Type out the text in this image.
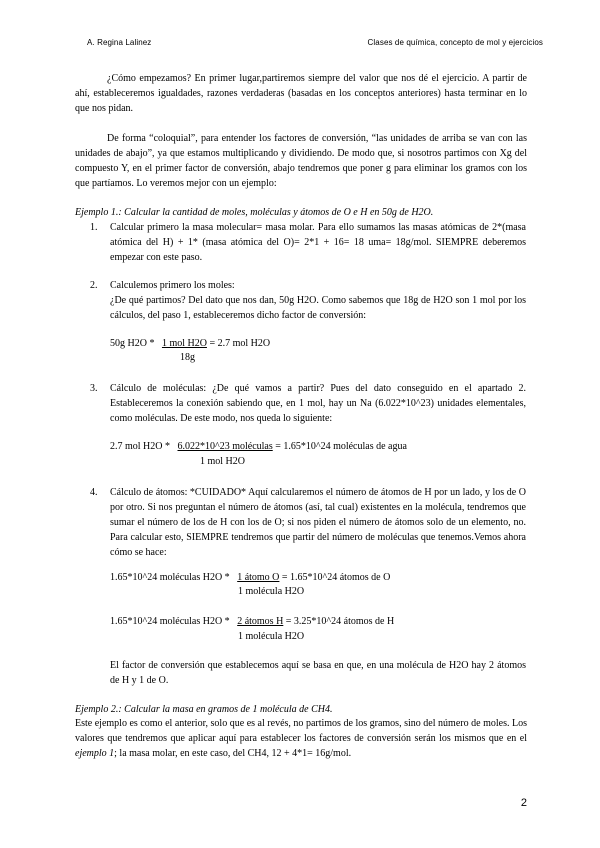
A. Regina Lalinez	Clases de química, concepto de mol y ejercicios

¿Cómo empezamos? En primer lugar,partiremos siempre del valor que nos dé el ejercicio. A partir de ahí, estableceremos igualdades, razones verdaderas (basadas en los conceptos anteriores) hasta terminar en lo que nos pidan.

De forma “coloquial”, para entender los factores de conversión, “las unidades de arriba se van con las unidades de abajo”, ya que estamos multiplicando y dividiendo. De modo que, si nosotros partimos con Xg del compuesto Y, en el primer factor de conversión, abajo tendremos que poner g para eliminar los gramos con los que partíamos. Lo veremos mejor con un ejemplo:

Ejemplo 1.: Calcular la cantidad de moles, moléculas y átomos de O e H en 50g de H2O.

1. Calcular primero la masa molecular= masa molar. Para ello sumamos las masas atómicas de 2*(masa atómica del H) + 1* (masa atómica del O)= 2*1 + 16= 18 uma= 18g/mol. SIEMPRE deberemos empezar con este paso.

2. Calculemos primero los moles:

¿De qué partimos? Del dato que nos dan, 50g H2O. Como sabemos que 18g de H2O son 1 mol por los cálculos, del paso 1, estableceremos dicho factor de conversión:

50g H2O * 1 mol H2O = 2.7 mol H2O
18g
3. Cálculo de moléculas: ¿De qué vamos a partir? Pues del dato conseguido en el apartado 2. Estableceremos la conexión sabiendo que, en 1 mol, hay un Na (6.022*10^23) unidades elementales, como moléculas. De este modo, nos queda lo siguiente:

2.7 mol H2O * 6.022*10^23 moléculas = 1.65*10^24 moléculas de agua
1 mol H2O
4. Cálculo de átomos: *CUIDADO* Aquí calcularemos el número de átomos de H por un lado, y los de O por otro. Si nos preguntan el número de átomos (así, tal cual) existentes en la molécula, tendremos que sumar el número de los de H con los de O; si nos piden el número de átomos solo de un elemento, no. Para calcular esto, SIEMPRE tendremos que partir del número de moléculas que tenemos.Vemos ahora cómo se hace:

1.65*10^24 moléculas H2O * 1 átomo O = 1.65*10^24 átomos de O
1 molécula H2O
1.65*10^24 moléculas H2O * 2 átomos H = 3.25*10^24 átomos de H
1 molécula H2O

El factor de conversión que establecemos aquí se basa en que, en una molécula de H2O hay 2 átomos de H y 1 de O.

Ejemplo 2.: Calcular la masa en gramos de 1 molécula de CH4.

Este ejemplo es como el anterior, solo que es al revés, no partimos de los gramos, sino del número de moles. Los valores que tendremos que aplicar aquí para establecer los factores de conversión serán los mismos que en el ejemplo 1; la masa molar, en este caso, del CH4, 12 + 4*1= 16g/mol.

2
